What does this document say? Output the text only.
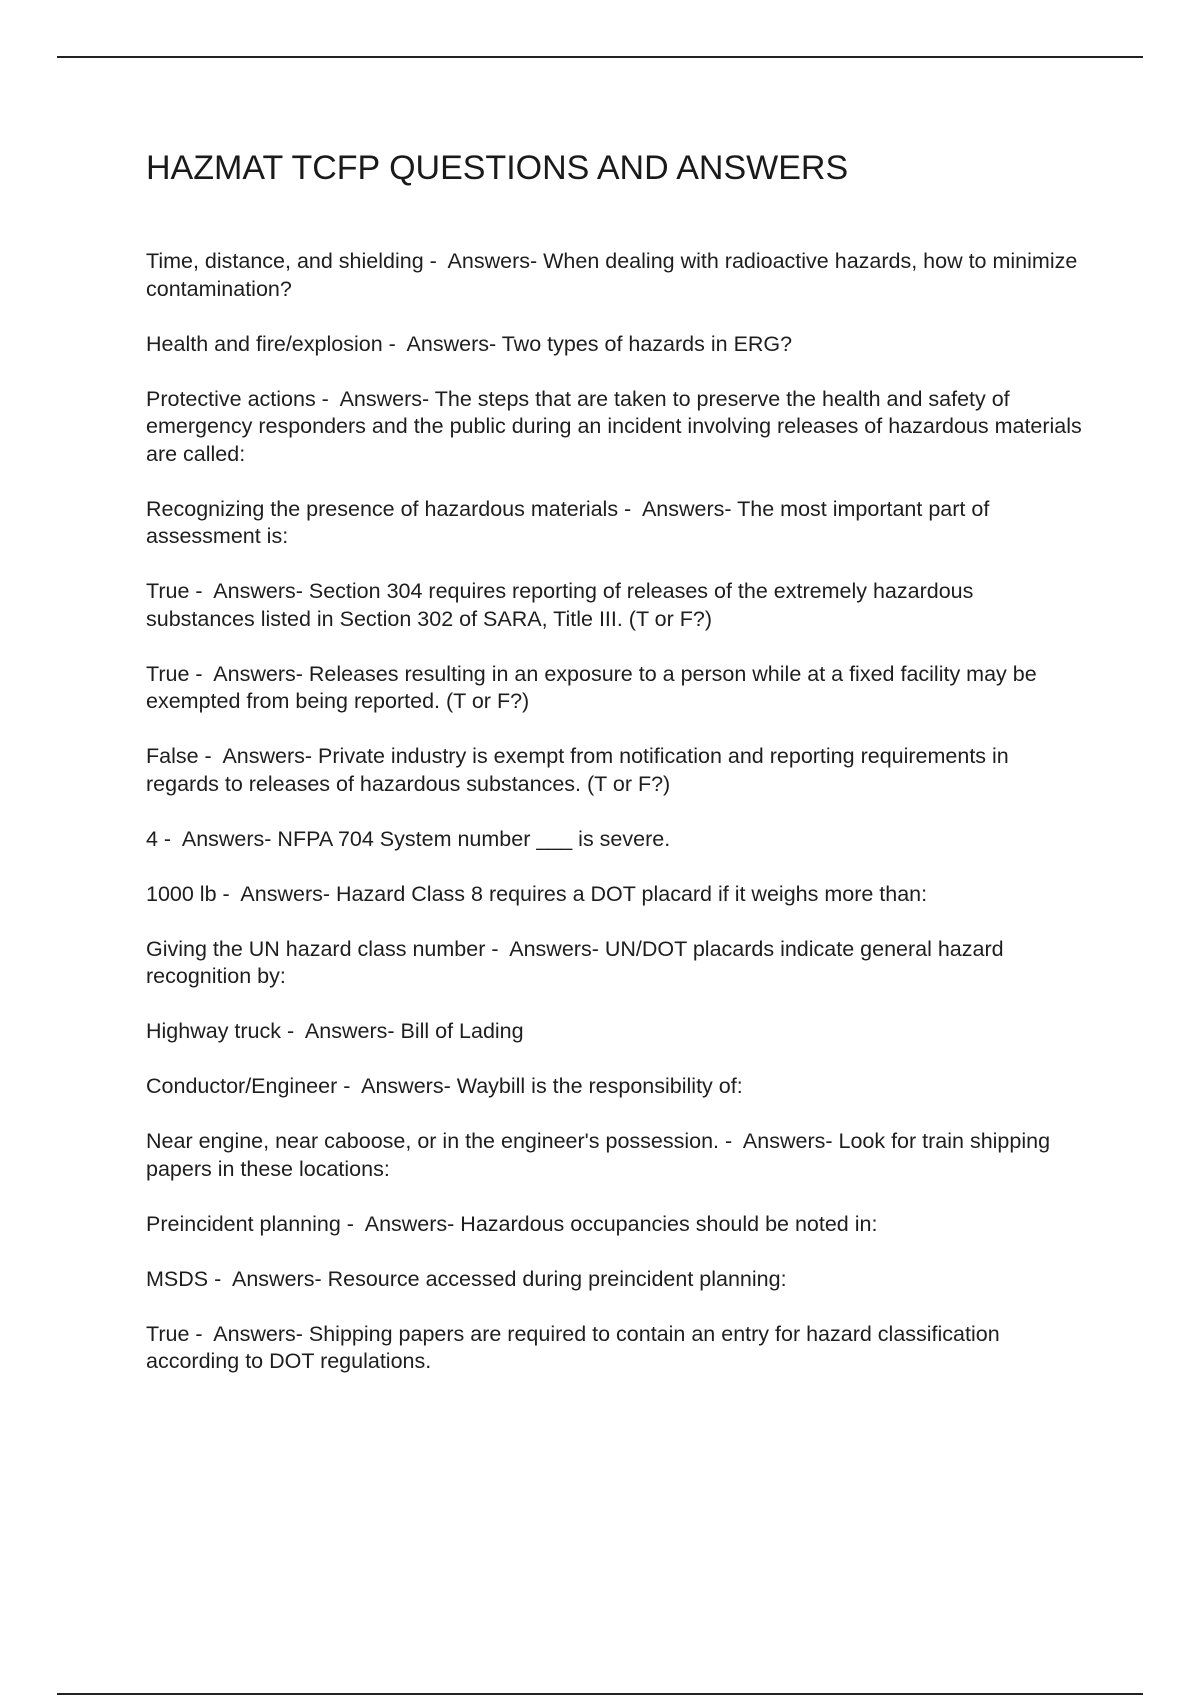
HAZMAT TCFP QUESTIONS AND ANSWERS
Time, distance, and shielding -  Answers- When dealing with radioactive hazards, how to minimize contamination?
Health and fire/explosion -  Answers- Two types of hazards in ERG?
Protective actions -  Answers- The steps that are taken to preserve the health and safety of emergency responders and the public during an incident involving releases of hazardous materials are called:
Recognizing the presence of hazardous materials -  Answers- The most important part of assessment is:
True -  Answers- Section 304 requires reporting of releases of the extremely hazardous substances listed in Section 302 of SARA, Title III. (T or F?)
True -  Answers- Releases resulting in an exposure to a person while at a fixed facility may be exempted from being reported. (T or F?)
False -  Answers- Private industry is exempt from notification and reporting requirements in regards to releases of hazardous substances. (T or F?)
4 -  Answers- NFPA 704 System number ___ is severe.
1000 lb -  Answers- Hazard Class 8 requires a DOT placard if it weighs more than:
Giving the UN hazard class number -  Answers- UN/DOT placards indicate general hazard recognition by:
Highway truck -  Answers- Bill of Lading
Conductor/Engineer -  Answers- Waybill is the responsibility of:
Near engine, near caboose, or in the engineer's possession. -  Answers- Look for train shipping papers in these locations:
Preincident planning -  Answers- Hazardous occupancies should be noted in:
MSDS -  Answers- Resource accessed during preincident planning:
True -  Answers- Shipping papers are required to contain an entry for hazard classification according to DOT regulations.
